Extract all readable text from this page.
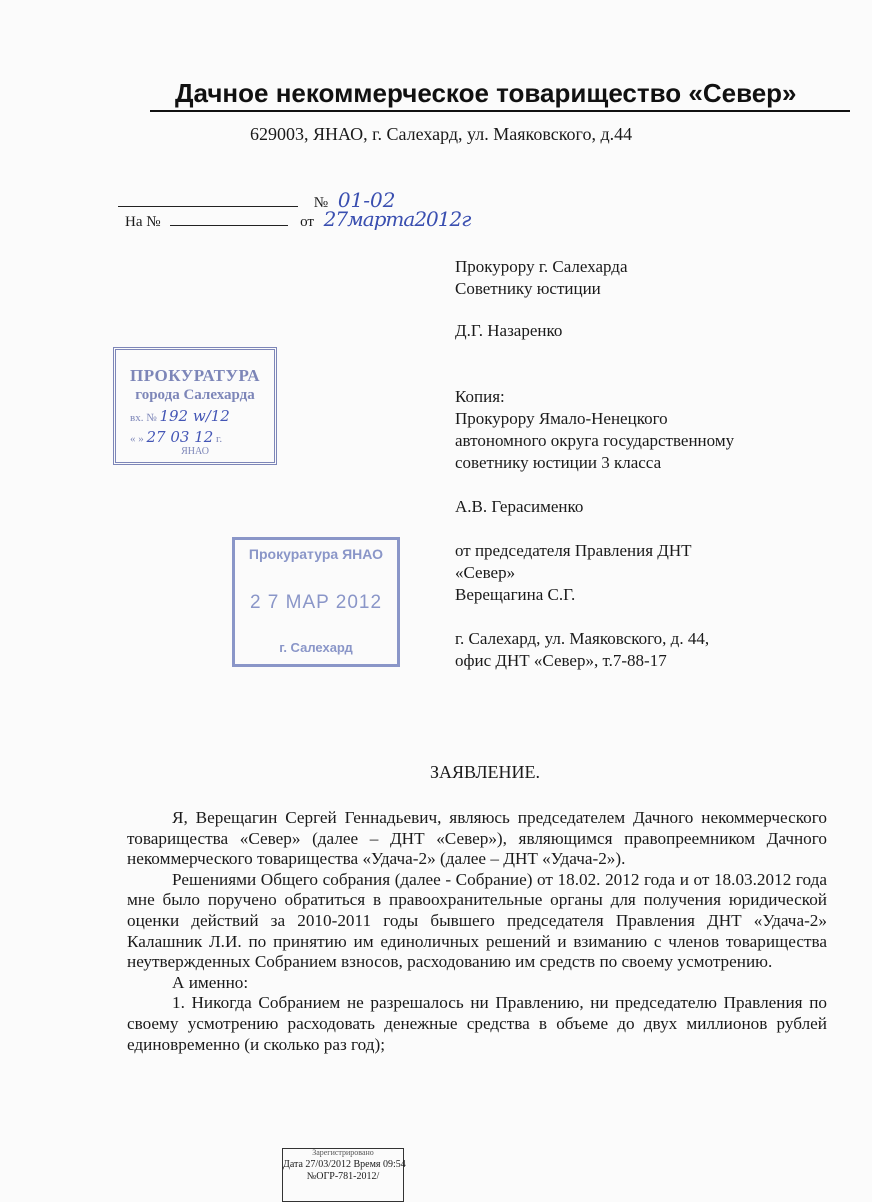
Дачное некоммерческое товарищество «Север»
629003, ЯНАО, г. Салехард, ул. Маяковского, д.44
№ 01-02
На №	от 27марта2012г

Прокурору г. Салехарда

Советнику юстиции

Д.Г. Назаренко

Копия:

Прокурору Ямало-Ненецкого

автономного округа государственному

советнику юстиции 3 класса

А.В. Герасименко

от председателя Правления ДНТ

«Север»

Верещагина С.Г.

г. Салехард, ул. Маяковского, д. 44,

офис ДНТ «Север», т.7-88-17

ПРОКУРАТУРА
города Салехарда
вх. № 192 w/12
« » 27 03 12 г.
ЯНАО
Прокуратура ЯНАО
2 7 MAP 2012
г. Салехард
ЗАЯВЛЕНИЕ.

Я, Верещагин Сергей Геннадьевич, являюсь председателем Дачного некоммерческого товарищества «Север» (далее – ДНТ «Север»), являющимся правопреемником Дачного некоммерческого товарищества «Удача-2» (далее – ДНТ «Удача-2»).

Решениями Общего собрания (далее - Собрание) от 18.02. 2012 года и от 18.03.2012 года мне было поручено обратиться в правоохранительные органы для получения юридической оценки действий за 2010-2011 годы бывшего председателя Правления ДНТ «Удача-2» Калашник Л.И. по принятию им единоличных решений и взиманию с членов товарищества неутвержденных Собранием взносов, расходованию им средств по своему усмотрению.

А именно:

1. Никогда Собранием не разрешалось ни Правлению, ни председателю Правления по своему усмотрению расходовать денежные средства в объеме до двух миллионов рублей единовременно (и сколько раз год);

Зарегистрировано
Дата 27/03/2012 Время 09:54
№ОГР-781-2012/
